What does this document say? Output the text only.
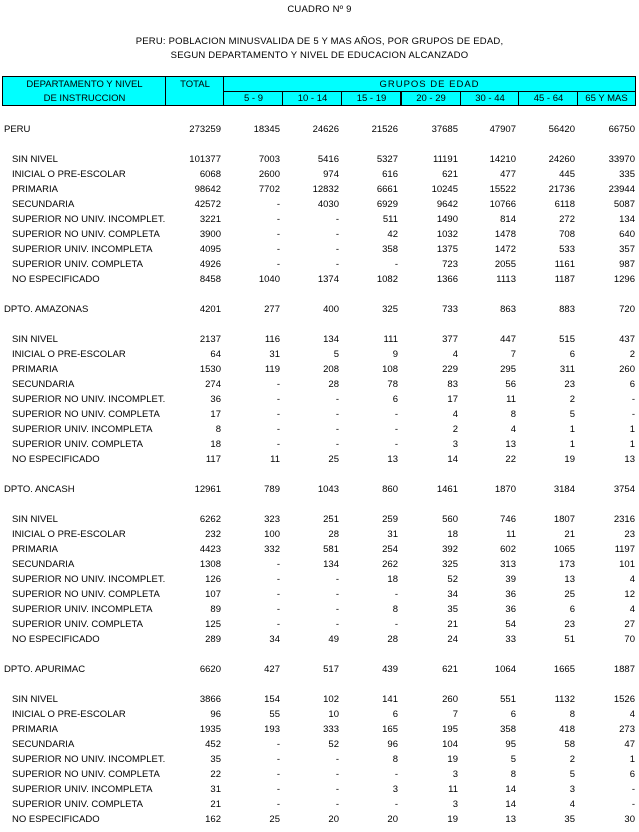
CUADRO Nº 9
PERU: POBLACION MINUSVALIDA DE 5 Y MAS AÑOS, POR GRUPOS DE EDAD,
SEGUN DEPARTAMENTO Y NIVEL DE EDUCACION ALCANZADO
DEPARTAMENTO Y NIVEL
DE INSTRUCCION
TOTAL	GRUPOS DE EDAD
5 - 9	10 - 14	15 - 19	20 - 29	30 - 44	45 - 64	65 Y MAS
PERU	273259	18345	24626	21526	37685	47907	56420	66750
SIN NIVEL	101377	7003	5416	5327	11191	14210	24260	33970
INICIAL O PRE-ESCOLAR	6068	2600	974	616	621	477	445	335
PRIMARIA	98642	7702	12832	6661	10245	15522	21736	23944
SECUNDARIA	42572	-	4030	6929	9642	10766	6118	5087
SUPERIOR NO UNIV. INCOMPLET.	3221	-	-	511	1490	814	272	134
SUPERIOR NO UNIV. COMPLETA	3900	-	-	42	1032	1478	708	640
SUPERIOR UNIV. INCOMPLETA	4095	-	-	358	1375	1472	533	357
SUPERIOR UNIV. COMPLETA	4926	-	-	-	723	2055	1161	987
NO ESPECIFICADO	8458	1040	1374	1082	1366	1113	1187	1296
DPTO. AMAZONAS	4201	277	400	325	733	863	883	720
SIN NIVEL	2137	116	134	111	377	447	515	437
INICIAL O PRE-ESCOLAR	64	31	5	9	4	7	6	2
PRIMARIA	1530	119	208	108	229	295	311	260
SECUNDARIA	274	-	28	78	83	56	23	6
SUPERIOR NO UNIV. INCOMPLET.	36	-	-	6	17	11	2	-
SUPERIOR NO UNIV. COMPLETA	17	-	-	-	4	8	5	-
SUPERIOR UNIV. INCOMPLETA	8	-	-	-	2	4	1	1
SUPERIOR UNIV. COMPLETA	18	-	-	-	3	13	1	1
NO ESPECIFICADO	117	11	25	13	14	22	19	13
DPTO. ANCASH	12961	789	1043	860	1461	1870	3184	3754
SIN NIVEL	6262	323	251	259	560	746	1807	2316
INICIAL O PRE-ESCOLAR	232	100	28	31	18	11	21	23
PRIMARIA	4423	332	581	254	392	602	1065	1197
SECUNDARIA	1308	-	134	262	325	313	173	101
SUPERIOR NO UNIV. INCOMPLET.	126	-	-	18	52	39	13	4
SUPERIOR NO UNIV. COMPLETA	107	-	-	-	34	36	25	12
SUPERIOR UNIV. INCOMPLETA	89	-	-	8	35	36	6	4
SUPERIOR UNIV. COMPLETA	125	-	-	-	21	54	23	27
NO ESPECIFICADO	289	34	49	28	24	33	51	70
DPTO. APURIMAC	6620	427	517	439	621	1064	1665	1887
SIN NIVEL	3866	154	102	141	260	551	1132	1526
INICIAL O PRE-ESCOLAR	96	55	10	6	7	6	8	4
PRIMARIA	1935	193	333	165	195	358	418	273
SECUNDARIA	452	-	52	96	104	95	58	47
SUPERIOR NO UNIV. INCOMPLET.	35	-	-	8	19	5	2	1
SUPERIOR NO UNIV. COMPLETA	22	-	-	-	3	8	5	6
SUPERIOR UNIV. INCOMPLETA	31	-	-	3	11	14	3	-
SUPERIOR UNIV. COMPLETA	21	-	-	-	3	14	4	-
NO ESPECIFICADO	162	25	20	20	19	13	35	30
